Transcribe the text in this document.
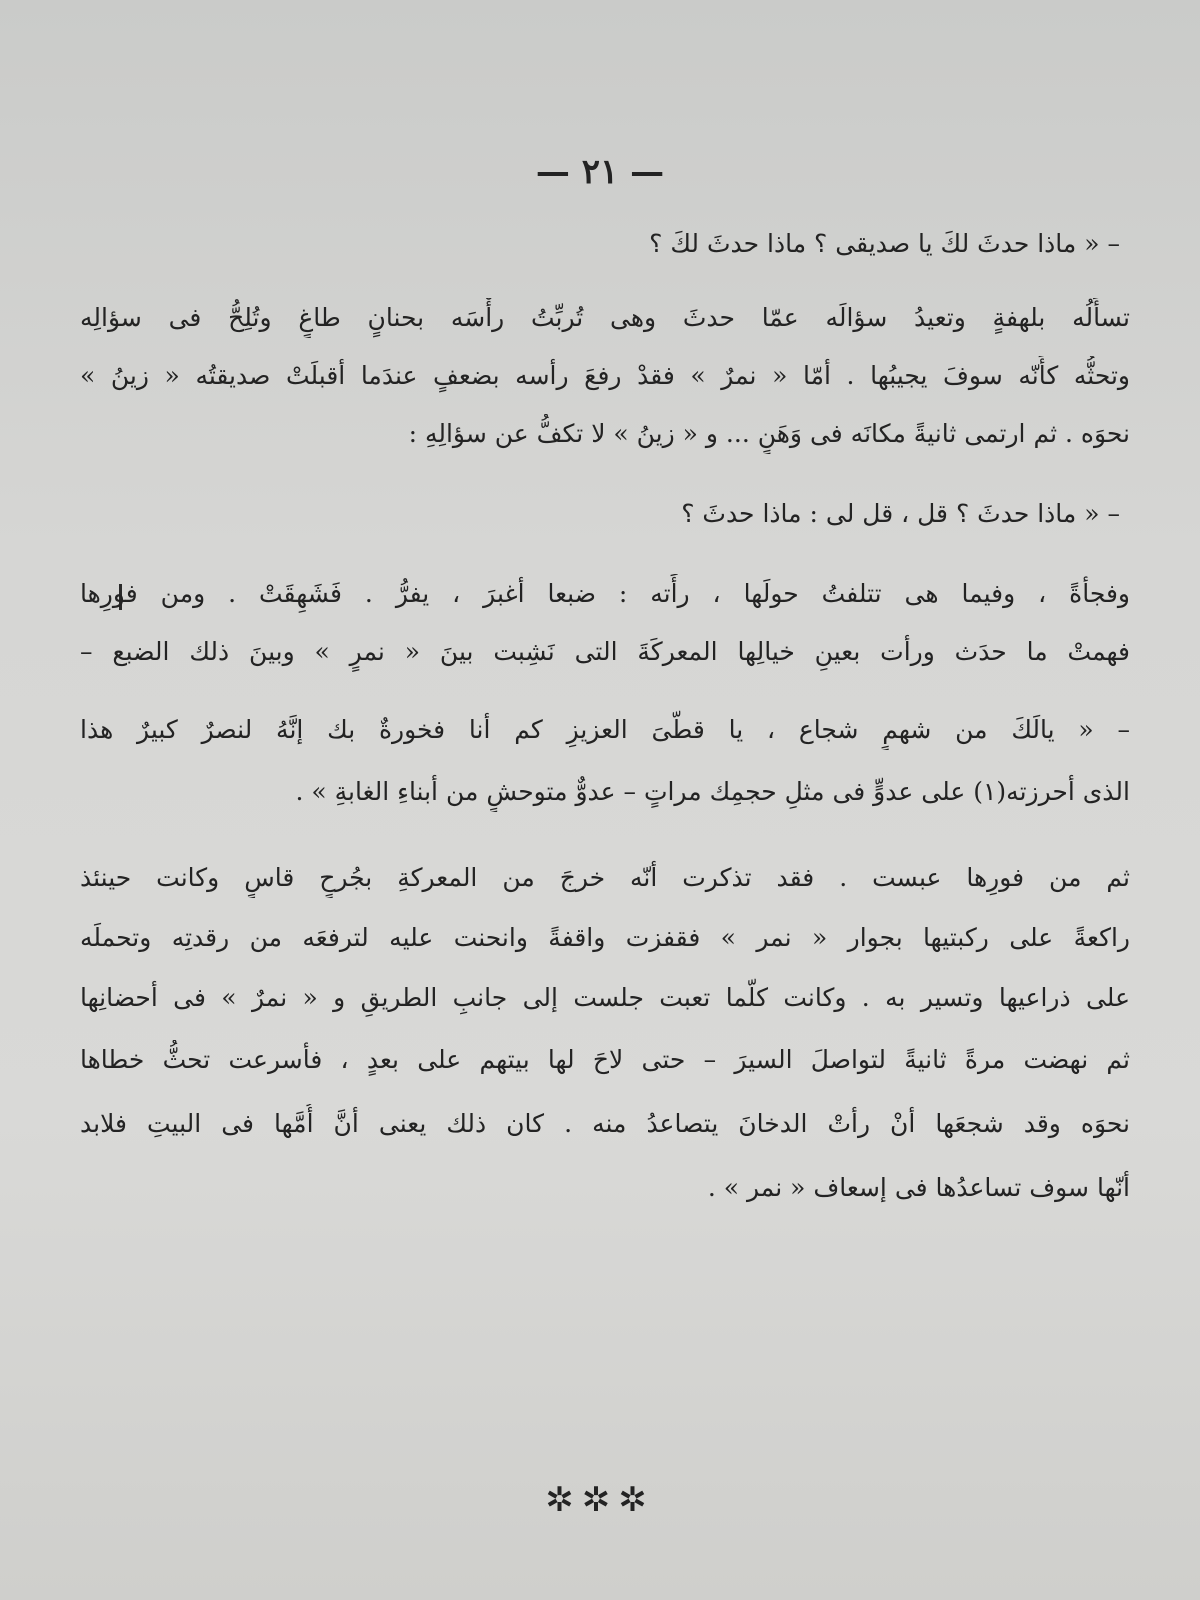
— ٢١ —
– « ماذا حدثَ لكَ يا صديقى ؟ ماذا حدثَ لكَ ؟
تسأَلُه بلهفةٍ وتعيدُ سؤالَه عمّا حدثَ وهى تُربِّتُ رأْسَه بحنانٍ طاغٍ وتُلِحُّ فى سؤالِه
وتحثُّه كأَنّه سوفَ يجيبُها . أمّا « نمرٌ » فقدْ رفعَ رأسه بضعفٍ عندَما أقبلَتْ صديقتُه « زينُ »
نحوَه . ثم ارتمى ثانيةً مكانَه فى وَهَنٍ ... و « زينُ » لا تكفُّ عن سؤالِهِ :
– « ماذا حدثَ ؟ قل ، قل لى : ماذا حدثَ ؟
وفجأةً ، وفيما هى تتلفتُ حولَها ، رأَته : ضبعا أغبرَ ، يفرُّ . فَشَهِقَتْ . ومن فورِها
فهمتْ ما حدَث ورأت بعينِ خيالِها المعركَةَ التى نَشِبت بينَ « نمرٍ » وبينَ ذلك الضبع –
– « يالَكَ من شهمٍ شجاع ، يا قطّىَ العزيزِ كم أنا فخورةٌ بك إنَّهُ لنصرٌ كبيرٌ هذا
الذى أحرزته(١) على عدوٍّ فى مثلِ حجمِك مراتٍ – عدوٌّ متوحشٍ من أبناءِ الغابةِ » .
ثم من فورِها عبست . فقد تذكرت أنّه خرجَ من المعركةِ بجُرحٍ قاسٍ وكانت حينئذ
راكعةً على ركبتيها بجوار « نمر » فقفزت واقفةً وانحنت عليه لترفعَه من رقدتِه وتحملَه
على ذراعيها وتسير به . وكانت كلّما تعبت جلست إلى جانبِ الطريقِ و « نمرٌ » فى أحضانِها
ثم نهضت مرةً ثانيةً لتواصلَ السيرَ – حتى لاحَ لها بيتهم على بعدٍ ، فأسرعت تحثُّ خطاها
نحوَه وقد شجعَها أنْ رأتْ الدخانَ يتصاعدُ منه . كان ذلك يعنى أنَّ أُمَّها فى البيتِ فلابد
أنّها سوف تساعدُها فى إسعاف « نمر » .
✲✲✲
